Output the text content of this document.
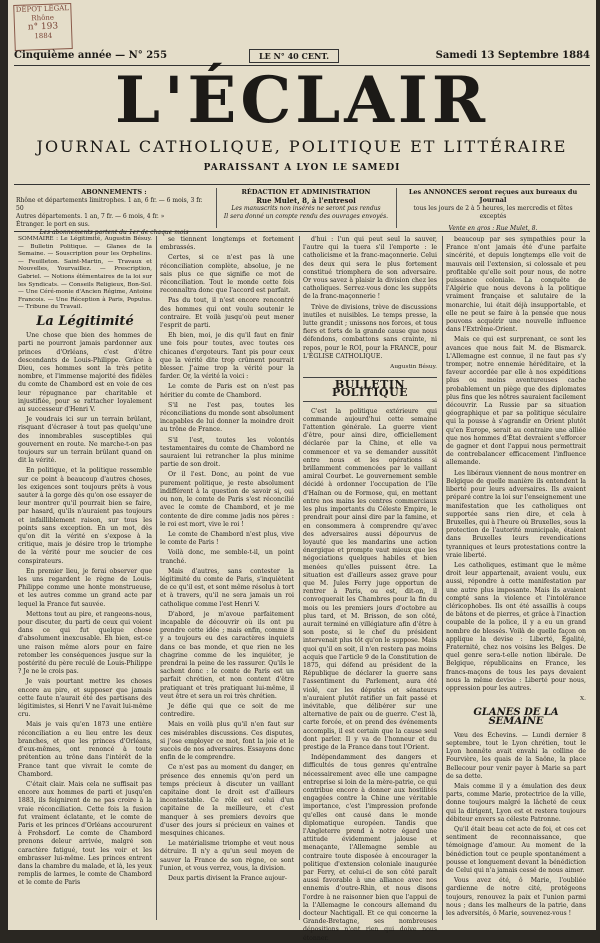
DÉPOT LÉGAL
Rhône
n° 193
1884
Cinquième année — N° 255	LE N° 40 CENT.	Samedi 13 Septembre 1884
L'ÉCLAIR
JOURNAL CATHOLIQUE, POLITIQUE ET LITTÉRAIRE
PARAISSANT A LYON LE SAMEDI
ABONNEMENTS :
Rhône et départements limitrophes. 1 an, 6 fr. — 6 mois, 3 fr. 50
Autres départements. 1 an, 7 fr. — 6 mois, 4 fr. »
Étranger. le port en sus.
Les abonnements partent du 1er de chaque mois
RÉDACTION ET ADMINISTRATION
Rue Mulet, 8, à l'entresol
Les manuscrits non insérés ne seront pas rendus
Il sera donné un compte rendu des ouvrages envoyés.
Les ANNONCES seront reçues aux bureaux du Journal
tous les jours de 2 à 5 heures, les mercredis et fêtes exceptés
Vente en gros : Rue Mulet, 8.
SOMMAIRE : Le Légitimité, Augustin Bésuy. — Bulletin Politique. — Glanes de la Semaine. — Souscription pour les Orphelins. — Feuilleton. Saint-Martin, — Travaux et Nouvelles, Yourvaillez. — Prescription, Gabriel. — Notions élémentaires de la loi sur les Syndicats. — Conseils Religieux, Bon-Sol. — Une Céré-monie d'Ancien Régime, Antoine Francois. — Une Réception à Paris, Populus. — Tribune du Travail.
La Légitimité

Une chose que bien des hommes de parti ne pourront jamais pardonner aux princes d'Orléans, c'est d'être descendants de Louis-Philippe. Grâce à Dieu, ces hommes sont la très petite nombre, et l'immense majorité des fidèles du comte de Chambord est en voie de ces leur répugnance par charitable et injustifiée, pour se rattacher loyalement au successeur d'Henri V.

Je voudrais ici sur un terrain brûlant, risquant d'écraser à tout pas quelqu'une des innombrables susceptibles qui gouvernent en route. Ne marche-t-on pas toujours sur un terrain brûlant quand on dit la vérité.

En politique, et la politique ressemble sur ce point à beaucoup d'autres choses, les exigences sont toujours prêts à vous sauter à la gorge dès qu'on ose essayer de leur montrer qu'il pourrait bien se faire, par hasard, qu'ils n'auraient pas toujours et infailliblement raison, sur tous les points sans exception. En un mot, dès qu'on dit la vérité en s'expose à la critique, mais je désire trop le triomphe de la vérité pour me soucier de ces conspirateurs.

En premier lieu, je ferai observer que les uns regardent le règne de Louis-Philippe comme une honte monstrueuse, et les autres comme un grand acte par lequel la France fut sauvée.

Mettons tout au pire, et rangeons-nous, pour discuter, du parti de ceux qui voient dans ce qui fut quelque chose d'absolument inexcusable. Eh bien, est-ce une raison même alors pour en faire retomber les conséquences jusque sur la postérité du père reculé de Louis-Philippe ? Je ne le crois pas.

Je vais pourtant mettre les choses encore au pire, et supposer que jamais cette faute n'aurait été des partisans des légitimistes, si Henri V ne l'avait lui-même cru.

Mais je vais qu'en 1873 une entière réconciliation a eu lieu entre les deux branches, et que les princes d'Orléans, d'eux-mêmes, ont renoncé à toute prétention au trône dans l'intérêt de la France tant que vivrait le comte de Chambord.

C'était clair. Mais cela ne suffisait pas encore aux hommes de parti et jusqu'en 1883, ils feignirent de ne pas croire à la vraie réconciliation. Cette fois la fusion fut vraiment éclatante, et le comte de Paris et les princes d'Orléans accoururent à Frohsdorf. Le comte de Chambord prenons deleur arrivée, malgré son caractère fatigué, tout les voir et les embrasser lui-même. Les princes entrent dans la chambre du malade, et là, les yeux remplis de larmes, le comte de Chambord et le comte de Paris

se tiennent longtemps et fortement embrassés.

Certes, si ce n'est pas là une réconciliation complète, absolue, je ne sais plus ce que signifie ce mot de réconciliation. Tout le monde cette fois reconnaîtra donc que l'accord est parfait.

Pas du tout, il n'est encore rencontré des hommes qui ont voulu soutenir le contraire. Et voilà jusqu'où peut mener l'esprit de parti.

Eh bien, moi, je dis qu'il faut en finir une fois pour toutes, avec toutes ces chicanes d'ergoteurs. Tant pis pour ceux que la vérité dite trop crûment pourrait blesser. J'aime trop la vérité pour la farder. Or, la vérité la voici :

Le comte de Paris est on n'est pas héritier du comte de Chambord.

S'il ne l'est pas, toutes les réconciliations du monde sont absolument incapables de lui donner la moindre droit au trône de France.

S'il l'est, toutes les volontés testamentaires du comte de Chambord ne sauraient lui retrancher la plus minime partie de son droit.

Or il l'est. Donc, au point de vue purement politique, je reste absolument indifférent à la question de savoir si, oui ou non, le comte de Paris s'est réconcilié avec le comte de Chambord, et je me contente de dire comme jadis nos pères : le roi est mort, vive le roi !

Le comte de Chambord n'est plus, vive le comte de Paris !

Voilà donc, me semble-t-il, un point tranché.

Mais d'autres, sans contester la légitimité du comte de Paris, s'inquiètent de ce qu'il est, et sont même résolus à tort et à travers, qu'il ne sera jamais un roi catholique comme l'est Henri V.

D'abord, je m'avoue parfaitement incapable de découvrir où ils ont pu prendre cette idée ; mais enfin, comme il y a toujours eu des caractères inquiets dans ce bas monde, et que rien ne les chagrine comme de les inquiéter, je prendrai la peine de les rassurer. Qu'ils le sachent donc : le comte de Paris est un parfait chrétien, et non content d'être pratiquant et très pratiquant lui-même, il veut être et sera un roi très chrétien.

Je défie qui que ce soit de me contredire.

Mais en voilà plus qu'il n'en faut sur ces misérables discussions. Ces disputes, si j'ose employer ce mot, font la joie et le succès de nos adversaires. Essayons donc enfin de le comprendre.

Ce n'est pas au moment du danger, en présence des ennemis qu'on perd un temps précieux à discuter un vaillant capitaine dont le droit est d'ailleurs incontestable. Ce rôle est celui d'un capitaine de la meilleure, et c'est manquer à ses premiers devoirs que d'user des jours si précieux en vaines et mesquines chicanes.

Le matérialisme triomphe et veut nous détruire. Il n'y a qu'un seul moyen de sauver la France de son règne, ce sont l'union, et vous verrez, vous, la division.

Deux partis divisent la France aujour-

d'hui : l'un qui peut seul la sauver, l'autre qui la tuera s'il l'emporte : le catholicisme et la franc-maçonnerie. Celui des deux qui sera le plus fortement constitué triomphera de son adversaire. Or vous savez à plaisir la division chez les catholiques. Serrez-vous donc les suppôts de la franc-maçonnerie !

Trève de divisions, trève de discussions inutiles et nuisibles. Le temps presse, la lutte grandit ; unissons nos forces, et tous fiers et forts de la grande cause que nous défendons, combattons sans crainte, ni repos, pour le ROI, pour la FRANCE, pour L'ÉGLISE CATHOLIQUE.

Augustin Bésuy.
BULLETIN POLITIQUE

C'est la politique extérieure qui commande aujourd'hui cette semaine l'attention générale. La guerre vient d'être, pour ainsi dire, officiellement déclarée par la Chine, et elle va commencer et va se demander aussitôt entre nous et les opérations si brillamment commencées par le vaillant amiral Courbet. Le gouvernement semble décidé à ordonner l'occupation de l'île d'Haïnan ou de Formose, qui, en mettant entre nos mains les centres commerciaux les plus importants du Céleste Empire, le prendrait pour ainsi dire par la famine, et en consommera à comprendre qu'avec des adversaires aussi dépourvus de loyauté que les mandarins une action énergique et prompte vaut mieux que les négociations quelques habiles et bien menées qu'elles puissent être. La situation est d'ailleurs assez grave pour que M. Jules Ferry juge opportun de rentrer à Paris, ou est, dit-on, il convoquerait les Chambres pour la fin du mois ou les premiers jours d'octobre au plus tard, et M. Brisson, de son côté, aurait terminé en villégiature afin d'être à son poste, si le chef du président intervenait plus tôt qu'on le suppose. Mais quoi qu'il en soit, il n'en restera pas moins acquis que l'article 9 de la Constitution de 1875, qui défend au président de la République de déclarer la guerre sans l'assentiment du Parlement, aura été violé, car les députés et sénateurs n'auraient plutôt ratifier un fait passé et inévitable, que délibérer sur une alternative de paix ou de guerre. C'est là, carte forcée, et on prend des événements accomplis, il est certain que la cause seul dont parler. Il y va de l'honneur et du prestige de la France dans tout l'Orient.

Indépendamment des dangers et difficultés de tous genres qu'entraîne nécessairement avec elle une campagne entreprise si loin de la mère-patrie, ce qui contribue encore à donner aux hostilités engagées contre la Chine une véritable importance, c'est l'impression profonde qu'elles ont causé dans le monde diplomatique européen. Tandis que l'Angleterre prend à notre égard une attitude évidemment jalouse et menaçante, l'Allemagne semble au contraire toute disposée à encourager la politique d'extension coloniale inaugurée par Ferry, et celui-ci de son côté paraît aussi favorable à une alliance avec nos ennemis d'outre-Rhin, et nous disons l'ordre à ne raisonner bien que l'appui de la l'Allemagne le concours allemand du docteur Nachtigall. Et ce qui concerne la Grande-Bretagne, ses nombreuses dépositions n'ont rien qui doive nous étonner.

beaucoup par ses sympathies pour la France n'ont jamais été d'une parfaite sincérité, et depuis longtemps elle voit de mauvais œil l'extension, si colossale et peu profitable qu'elle soit pour nous, de notre puissance coloniale. La conquête de l'Algérie que nous devons à la politique vraiment française et salutaire de la monarchie, lui était déjà insupportable, et elle ne peut se faire à la pensée que nous pouvons acquérir une nouvelle influence dans l'Extrême-Orient.

Mais ce qui est surprenant, ce sont les avances que nous fait M. de Bismarck. L'Allemagne est connue, il ne faut pas s'y tromper, notre ennemie héréditaire, et la faveur accordée par elle à nos expéditions plus ou moins aventureuses cache probablement un piège que des diplomates plus fins que les nôtres sauraient facilement découvrir. La Russie par sa situation géographique et par sa politique séculaire qui la pousse à s'agrandir en Orient plutôt qu'en Europe, serait au contraire une alliée que nos hommes d'État devraient s'efforcer de gagner et dont l'appui nous permettrait de contrebalancer efficacement l'influence allemande.

Les libéraux viennent de nous montrer en Belgique de quelle manière ils entendent la liberté pour leurs adversaires. Ils avaient préparé contre la loi sur l'enseignement une manifestation que les catholiques ont supportée sans rien dire, et cela à Bruxelles, qui à l'heure où Bruxelles, sous la protection de l'autorité municipale, étaient dans Bruxelles leurs revendications tyranniques et leurs protestations contre la vraie liberté.

Les catholiques, estimant que le même droit leur appartenait, avaient voulu, eux aussi, répondre à cette manifestation par une autre plus imposante. Mais ils avaient compté sans la violence et l'intolérance cléricophobes. Ils ont été assaillis à coups de bâtons et de pierres, et grâce à l'inaction coupable de la police, il y a eu un grand nombre de blessés. Voilà de quelle façon on applique la devise : Liberté, Égalité, Fraternité, chez nos voisins les Belges. De quel genre sera-t-elle notion libérale. De Belgique, républicains en France, les francs-maçons de tous les pays devaient nous la même devise : Liberté pour nous, oppression pour les autres.

X.
GLANES DE LA SEMAINE

Vœu des Échevins. — Lundi dernier 8 septembre, tout le Lyon chrétien, tout le Lyon honnête avait envahi la colline de Fourvière, les quais de la Saône, la place Bellecour pour venir payer à Marie sa part de sa dette.

Mais comme il y a émulation des deux parts, comme Marie, protectrice de la ville, donne toujours malgré la lâcheté de ceux qui la dirigent, Lyon est et restera toujours débiteur envers sa céleste Patronne.

Qu'il était beau cet acte de foi, et ces cet sentiment de reconnaissance, que témoignage d'amour. Au moment de la bénédiction tout ce peuple spontanément a pousse et longuement devant la bénédiction de Celui qui n'a jamais cessé de nous aimer.

Vous avez été, ô Marie, l'oubliée gardienne de notre cité, protégeons toujours, renouvez la paix et l'union parmi nous ; dans les malheurs de la patrie, dans les adversités, ô Marie, souvenez-vous !
